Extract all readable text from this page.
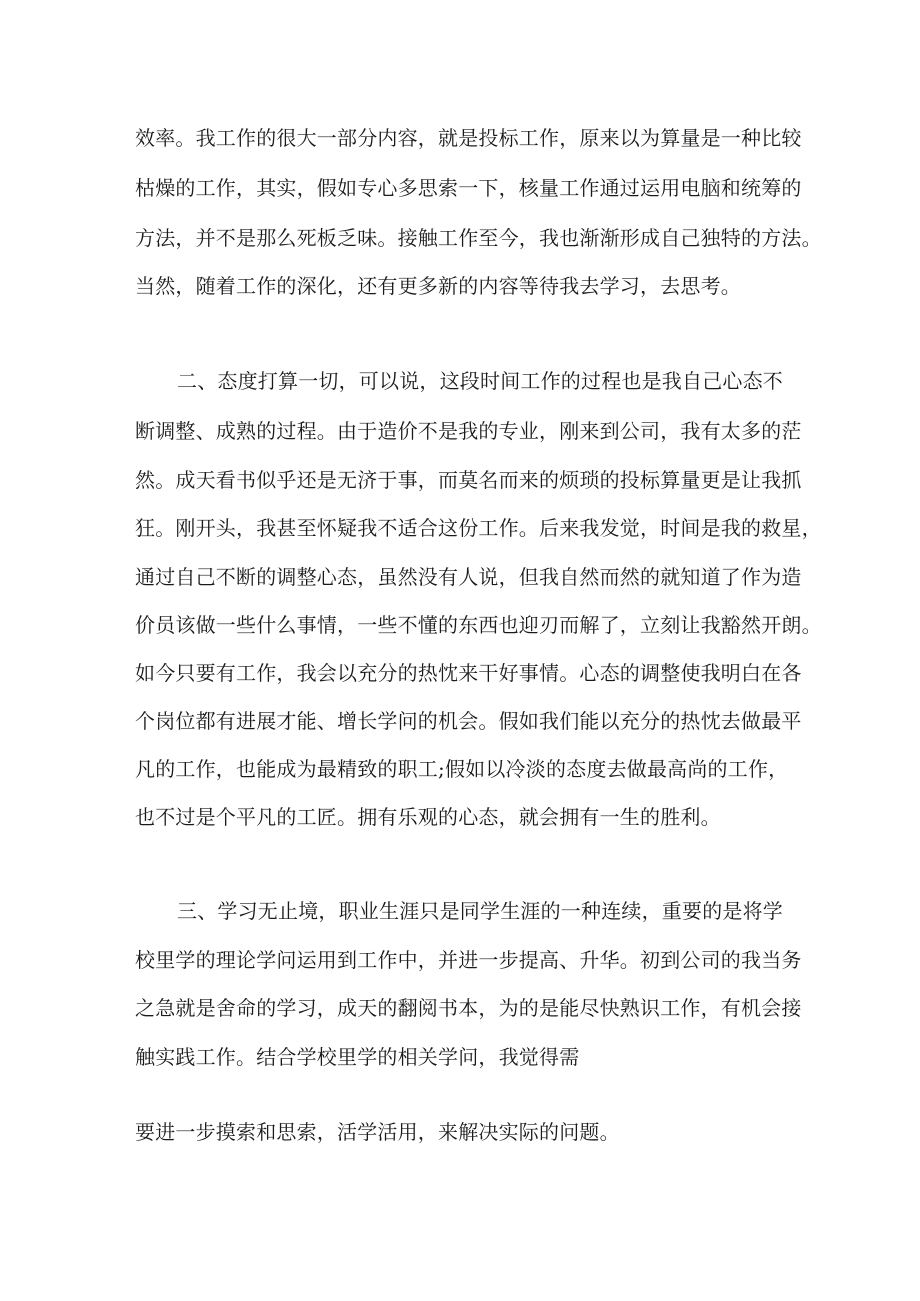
效率。我工作的很大一部分内容，就是投标工作，原来以为算量是一种比较
枯燥的工作，其实，假如专心多思索一下，核量工作通过运用电脑和统筹的
方法，并不是那么死板乏味。接触工作至今，我也渐渐形成自己独特的方法。
当然，随着工作的深化，还有更多新的内容等待我去学习，去思考。
二、态度打算一切，可以说，这段时间工作的过程也是我自己心态不
断调整、成熟的过程。由于造价不是我的专业，刚来到公司，我有太多的茫
然。成天看书似乎还是无济于事，而莫名而来的烦琐的投标算量更是让我抓
狂。刚开头，我甚至怀疑我不适合这份工作。后来我发觉，时间是我的救星，
通过自己不断的调整心态，虽然没有人说，但我自然而然的就知道了作为造
价员该做一些什么事情，一些不懂的东西也迎刃而解了，立刻让我豁然开朗。
如今只要有工作，我会以充分的热忱来干好事情。心态的调整使我明白在各
个岗位都有进展才能、增长学问的机会。假如我们能以充分的热忱去做最平
凡的工作，也能成为最精致的职工;假如以冷淡的态度去做最高尚的工作，
也不过是个平凡的工匠。拥有乐观的心态，就会拥有一生的胜利。
三、学习无止境，职业生涯只是同学生涯的一种连续，重要的是将学
校里学的理论学问运用到工作中，并进一步提高、升华。初到公司的我当务
之急就是舍命的学习，成天的翻阅书本，为的是能尽快熟识工作，有机会接
触实践工作。结合学校里学的相关学问，我觉得需
要进一步摸索和思索，活学活用，来解决实际的问题。
